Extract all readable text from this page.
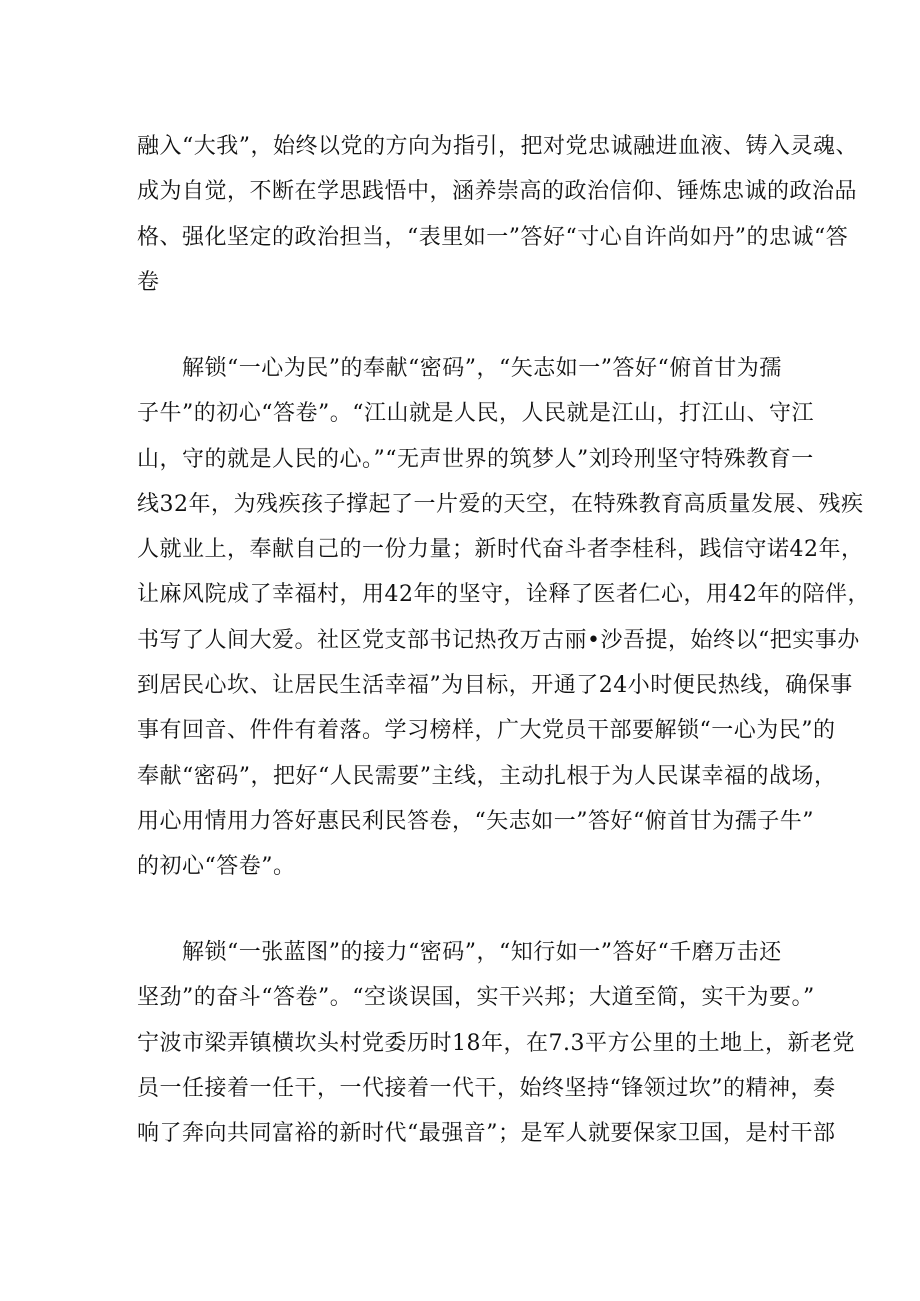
融入“大我”，始终以党的方向为指引，把对党忠诚融进血液、铸入灵魂、
成为自觉，不断在学思践悟中，涵养崇高的政治信仰、锤炼忠诚的政治品
格、强化坚定的政治担当，“表里如一”答好“寸心自许尚如丹”的忠诚“答
卷
　　解锁“一心为民”的奉献“密码”，“矢志如一”答好“俯首甘为孺
子牛”的初心“答卷”。“江山就是人民，人民就是江山，打江山、守江
山，守的就是人民的心。”“无声世界的筑梦人”刘玲刑坚守特殊教育一
线32年，为残疾孩子撑起了一片爱的天空，在特殊教育高质量发展、残疾
人就业上，奉献自己的一份力量；新时代奋斗者李桂科，践信守诺42年，
让麻风院成了幸福村，用42年的坚守，诠释了医者仁心，用42年的陪伴，
书写了人间大爱。社区党支部书记热孜万古丽•沙吾提，始终以“把实事办
到居民心坎、让居民生活幸福”为目标，开通了24小时便民热线，确保事
事有回音、件件有着落。学习榜样，广大党员干部要解锁“一心为民”的
奉献“密码”，把好“人民需要”主线，主动扎根于为人民谋幸福的战场，
用心用情用力答好惠民利民答卷，“矢志如一”答好“俯首甘为孺子牛”
的初心“答卷”。
　　解锁“一张蓝图”的接力“密码”，“知行如一”答好“千磨万击还
坚劲”的奋斗“答卷”。“空谈误国，实干兴邦；大道至简，实干为要。”
宁波市梁弄镇横坎头村党委历时18年，在7.3平方公里的土地上，新老党
员一任接着一任干，一代接着一代干，始终坚持“锋领过坎”的精神，奏
响了奔向共同富裕的新时代“最强音”；是军人就要保家卫国，是村干部
